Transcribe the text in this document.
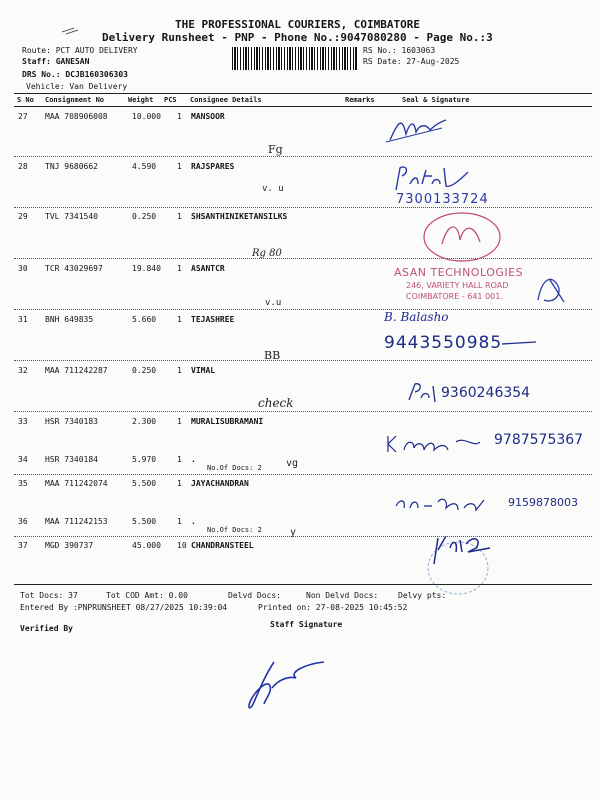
THE PROFESSIONAL COURIERS, COIMBATORE
Delivery Runsheet - PNP - Phone No.:9047080280 - Page No.:3
Route: PCT AUTO DELIVERY
Staff: GANESAN
DRS No.: DCJB160306303
Vehicle: Van Delivery
RS No.: 1603063
RS Date: 27-Aug-2025
S No Consignment No	Weight PCS Consignee Details	Remarks	Seal & Signature
27 MAA 708906008	10.000 1 MANSOOR
28 TNJ 9680662	4.590	1 RAJSPARES
29 TVL 7341540	0.250	1 SHSANTHINIKETANSILKS
30 TCR 43029697	19.840 1 ASANTCR
31 BNH 649835	5.660	1 TEJASHREE
32 MAA 711242287	0.250	1 VIMAL
33 HSR 7340183	2.300	1 MURALISUBRAMANI
34 HSR 7340184	5.970	1 .
No.Of Docs: 2
35 MAA 711242074	5.500	1 JAYACHANDRAN
36 MAA 711242153	5.500	1 .
No.Of Docs: 2
37 MGD 390737	45.000 10 CHANDRANSTEEL
Fg
7300133724
v. u
Rg 80
ASAN TECHNOLOGIES
246, VARIETY HALL ROAD
COIMBATORE - 641 001.
v.u
B. Balasho
9443550985
BB
9360246354
check
9787575367
vg
9159878003
y
Tot Docs: 37	Tot COD Amt: 0.00	Delvd Docs:	Non Delvd Docs: Delvy pts:
Entered By :PNPRUNSHEET 08/27/2025 10:39:04	Printed on: 27-08-2025 10:45:52
Verified By	Staff Signature
